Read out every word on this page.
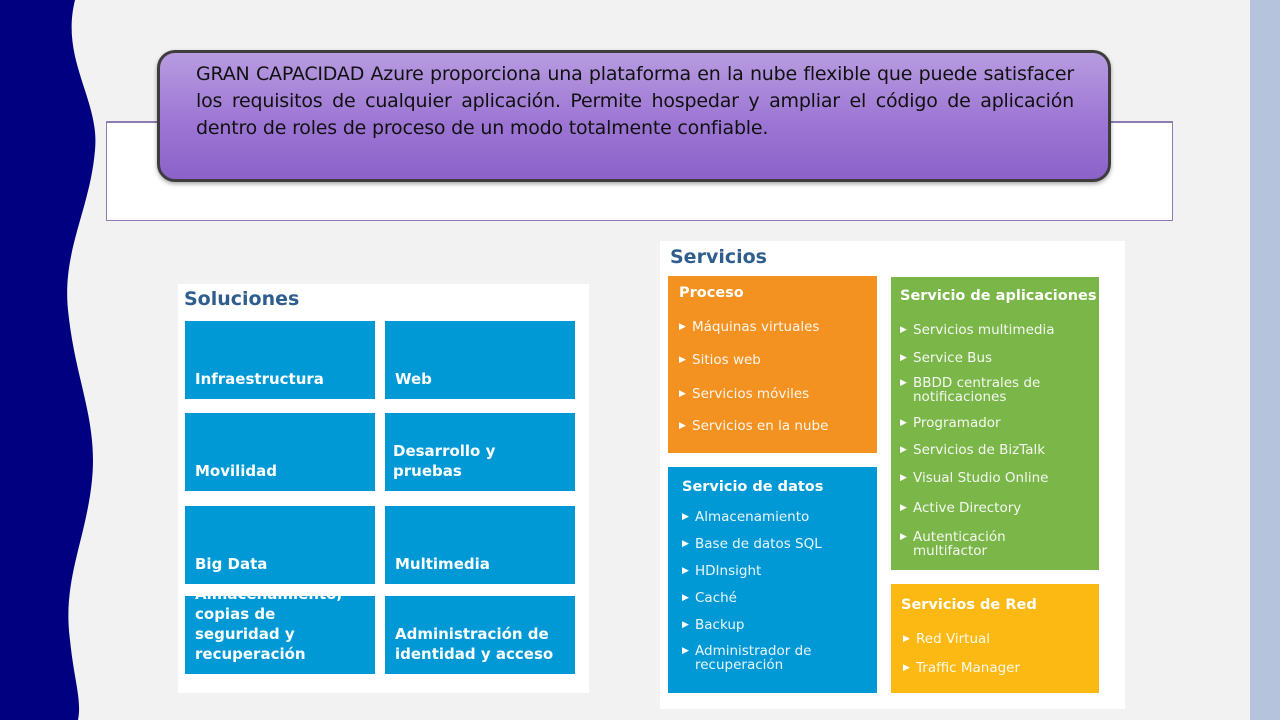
GRAN CAPACIDAD Azure proporciona una plataforma en la nube flexible que puede satisfacer los requisitos de cualquier aplicación. Permite hospedar y ampliar el código de aplicación dentro de roles de proceso de un modo totalmente confiable.

Soluciones
Infraestructura	Web
Movilidad
Desarrollo y pruebas
Big Data	Multimedia
Almacenamiento, copias de seguridad y recuperación
Administración de identidad y acceso
Servicios
Proceso
▶ Máquinas virtuales
▶ Sitios web
▶ Servicios móviles
▶ Servicios en la nube
Servicio de datos
▶ Almacenamiento
▶ Base de datos SQL
▶ HDInsight
▶ Caché
▶ Backup
▶ Administrador de recuperación
Servicio de aplicaciones
▶ Servicios multimedia
▶ Service Bus
▶ BBDD centrales de notificaciones
▶ Programador
▶ Servicios de BizTalk
▶ Visual Studio Online
▶ Active Directory
▶ Autenticación multifactor
Servicios de Red
▶ Red Virtual
▶ Traffic Manager
